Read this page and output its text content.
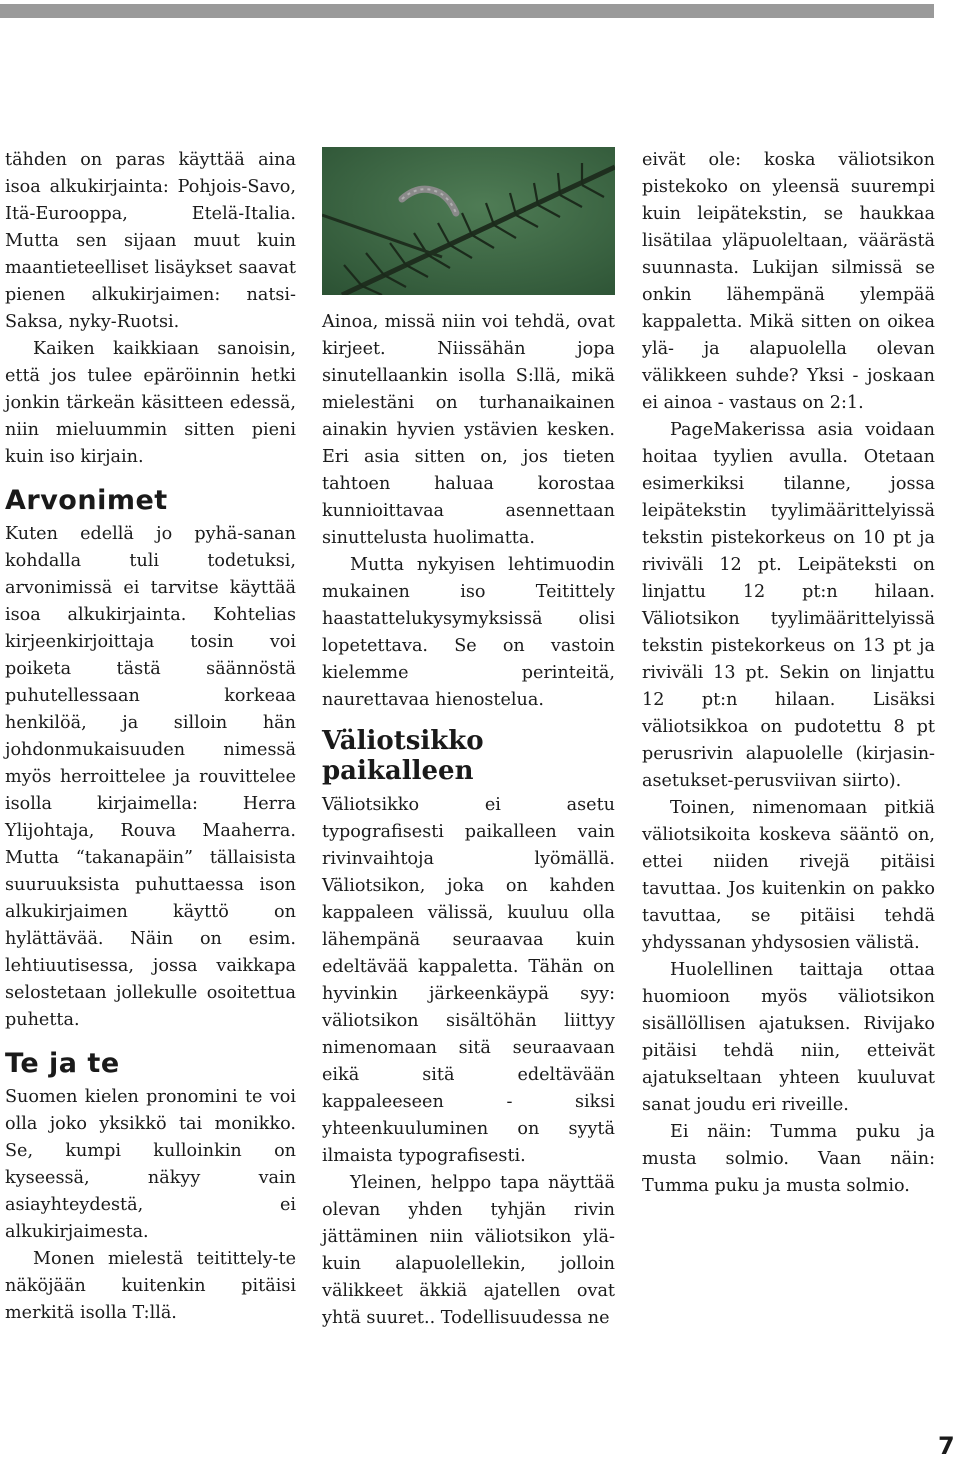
tähden on paras käyttää aina isoa alkukirjainta: Pohjois-Savo, Itä-Eurooppa, Etelä-Italia. Mutta sen sijaan muut kuin maantieteelliset lisäykset saavat pienen alkukirjaimen: natsi-Saksa, nyky-Ruotsi.

Kaiken kaikkiaan sanoisin, että jos tulee epäröinnin hetki jonkin tärkeän käsitteen edessä, niin mieluummin sitten pieni kuin iso kirjain.

Arvonimet

Kuten edellä jo pyhä-sanan kohdalla tuli todetuksi, arvonimissä ei tarvitse käyttää isoa alkukirjainta. Kohtelias kirjeenkirjoittaja tosin voi poiketa tästä säännöstä puhutellessaan korkeaa henkilöä, ja silloin hän johdonmukaisuuden nimessä myös herroittelee ja rouvittelee isolla kirjaimella: Herra Ylijohtaja, Rouva Maaherra. Mutta “takanapäin” tällaisista suuruuksista puhuttaessa ison alkukirjaimen käyttö on hylättävää. Näin on esim. lehtiuutisessa, jossa vaikkapa selostetaan jollekulle osoitettua puhetta.

Te ja te

Suomen kielen pronomini te voi olla joko yksikkö tai monikko. Se, kumpi kulloinkin on kyseessä, näkyy vain asiayhteydestä, ei alkukirjaimesta.

Monen mielestä teitittely-te näköjään kuitenkin pitäisi merkitä isolla T:llä.

Ainoa, missä niin voi tehdä, ovat kirjeet. Niissähän jopa sinutellaankin isolla S:llä, mikä mielestäni on turhanaikainen ainakin hyvien ystävien kesken. Eri asia sitten on, jos tieten tahtoen haluaa korostaa kunnioittavaa asennettaan sinuttelusta huolimatta.

Mutta nykyisen lehtimuodin mukainen iso Teitittely haastattelukysymyksissä olisi lopetettava. Se on vastoin kielemme perinteitä, naurettavaa hienostelua.

Väliotsikko paikalleen

Väliotsikko ei asetu typografisesti paikalleen vain rivinvaihtoja lyömällä. Väliotsikon, joka on kahden kappaleen välissä, kuuluu olla lähempänä seuraavaa kuin edeltävää kappaletta. Tähän on hyvinkin järkeenkäypä syy: väliotsikon sisältöhän liittyy nimenomaan sitä seuraavaan eikä sitä edeltävään kappaleeseen - siksi yhteenkuuluminen on syytä ilmaista typografisesti.

Yleinen, helppo tapa näyttää olevan yhden tyhjän rivin jättäminen niin väliotsikon ylä- kuin alapuolellekin, jolloin välikkeet äkkiä ajatellen ovat yhtä suuret.. Todellisuudessa ne

eivät ole: koska väliotsikon pistekoko on yleensä suurempi kuin leipätekstin, se haukkaa lisätilaa yläpuoleltaan, väärästä suunnasta. Lukijan silmissä se onkin lähempänä ylempää kappaletta. Mikä sitten on oikea ylä- ja alapuolella olevan välikkeen suhde? Yksi - joskaan ei ainoa - vastaus on 2:1.

PageMakerissa asia voidaan hoitaa tyylien avulla. Otetaan esimerkiksi tilanne, jossa leipätekstin tyylimäärittelyissä tekstin pistekorkeus on 10 pt ja riviväli 12 pt. Leipäteksti on linjattu 12 pt:n hilaan. Väliotsikon tyylimäärittelyissä tekstin pistekorkeus on 13 pt ja riviväli 13 pt. Sekin on linjattu 12 pt:n hilaan. Lisäksi väliotsikkoa on pudotettu 8 pt perusrivin alapuolelle (kirjasin-asetukset-perusviivan siirto).

Toinen, nimenomaan pitkiä väliotsikoita koskeva sääntö on, ettei niiden rivejä pitäisi tavuttaa. Jos kuitenkin on pakko tavuttaa, se pitäisi tehdä yhdyssanan yhdysosien välistä.

Huolellinen taittaja ottaa huomioon myös väliotsikon sisällöllisen ajatuksen. Rivijako pitäisi tehdä niin, etteivät ajatukseltaan yhteen kuuluvat sanat joudu eri riveille.

Ei näin: Tumma puku ja musta solmio. Vaan näin: Tumma puku ja musta solmio.

7
